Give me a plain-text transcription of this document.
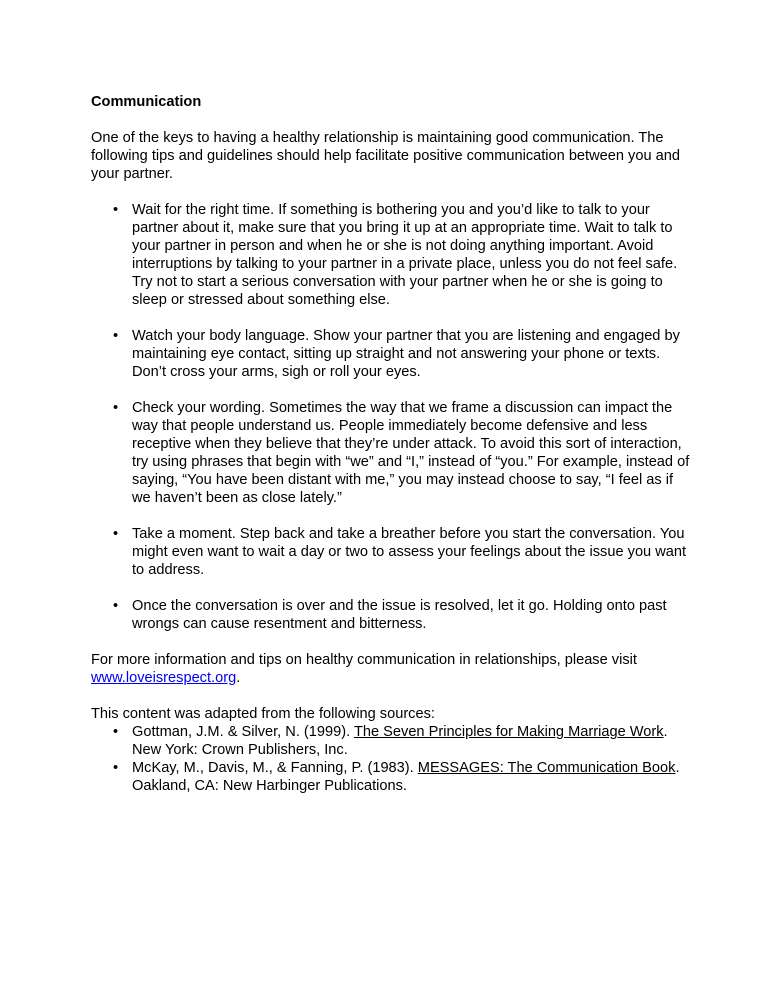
Communication

One of the keys to having a healthy relationship is maintaining good communication. The following tips and guidelines should help facilitate positive communication between you and your partner.

• Wait for the right time. If something is bothering you and you’d like to talk to your partner about it, make sure that you bring it up at an appropriate time. Wait to talk to your partner in person and when he or she is not doing anything important. Avoid interruptions by talking to your partner in a private place, unless you do not feel safe. Try not to start a serious conversation with your partner when he or she is going to sleep or stressed about something else.
• Watch your body language. Show your partner that you are listening and engaged by maintaining eye contact, sitting up straight and not answering your phone or texts. Don’t cross your arms, sigh or roll your eyes.
• Check your wording. Sometimes the way that we frame a discussion can impact the way that people understand us. People immediately become defensive and less receptive when they believe that they’re under attack. To avoid this sort of interaction, try using phrases that begin with “we” and “I,” instead of “you.” For example, instead of saying, “You have been distant with me,” you may instead choose to say, “I feel as if we haven’t been as close lately.”
• Take a moment. Step back and take a breather before you start the conversation. You might even want to wait a day or two to assess your feelings about the issue you want to address.
• Once the conversation is over and the issue is resolved, let it go. Holding onto past wrongs can cause resentment and bitterness.

For more information and tips on healthy communication in relationships, please visit www.loveisrespect.org.

This content was adapted from the following sources:

• Gottman, J.M. & Silver, N. (1999). The Seven Principles for Making Marriage Work. New York: Crown Publishers, Inc.
• McKay, M., Davis, M., & Fanning, P. (1983). MESSAGES: The Communication Book. Oakland, CA: New Harbinger Publications.
